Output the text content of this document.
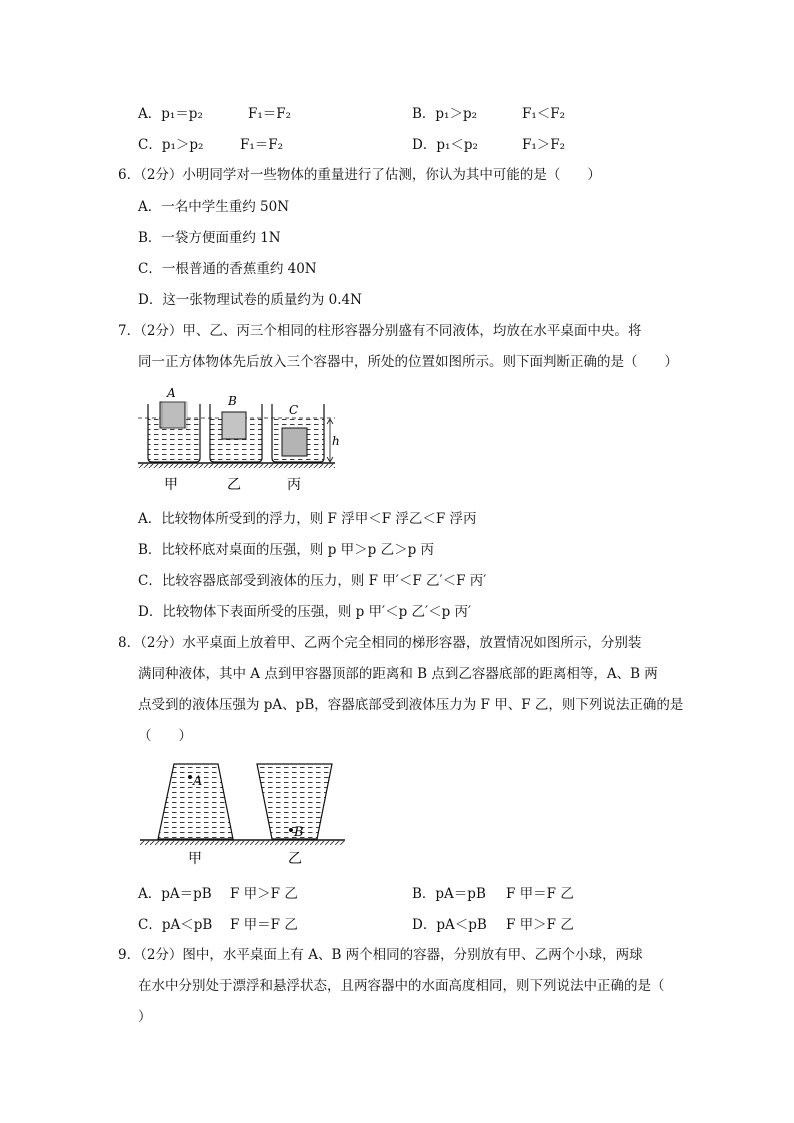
A．p₁＝p₂	F₁＝F₂	B．p₁＞p₂	F₁＜F₂
C．p₁＞p₂	F₁＝F₂	D．p₁＜p₂	F₁＞F₂
6．（2分）小明同学对一些物体的重量进行了估测，你认为其中可能的是（　　）
A．一名中学生重约 50N
B．一袋方便面重约 1N
C．一根普通的香蕉重约 40N
D．这一张物理试卷的质量约为 0.4N
7．（2分）甲、乙、丙三个相同的柱形容器分别盛有不同液体，均放在水平桌面中央。将
同一正方体物体先后放入三个容器中，所处的位置如图所示。则下面判断正确的是（　　）
h
A
B
C
甲	乙	丙
A．比较物体所受到的浮力，则 F 浮甲＜F 浮乙＜F 浮丙
B．比较杯底对桌面的压强，则 p 甲＞p 乙＞p 丙
C．比较容器底部受到液体的压力，则 F 甲′＜F 乙′＜F 丙′
D．比较物体下表面所受的压强，则 p 甲′＜p 乙′＜p 丙′
8．（2分）水平桌面上放着甲、乙两个完全相同的梯形容器，放置情况如图所示，分别装
满同种液体，其中 A 点到甲容器顶部的距离和 B 点到乙容器底部的距离相等，A、B 两
点受到的液体压强为 pA、pB，容器底部受到液体压力为 F 甲、F 乙，则下列说法正确的是
（　　）
A
B
甲	乙
A．pA＝pB F 甲＞F 乙	B．pA＝pB F 甲＝F 乙
C．pA＜pB F 甲＝F 乙	D．pA＜pB F 甲＞F 乙
9．（2分）图中，水平桌面上有 A、B 两个相同的容器，分别放有甲、乙两个小球，两球
在水中分别处于漂浮和悬浮状态，且两容器中的水面高度相同，则下列说法中正确的是（
）
